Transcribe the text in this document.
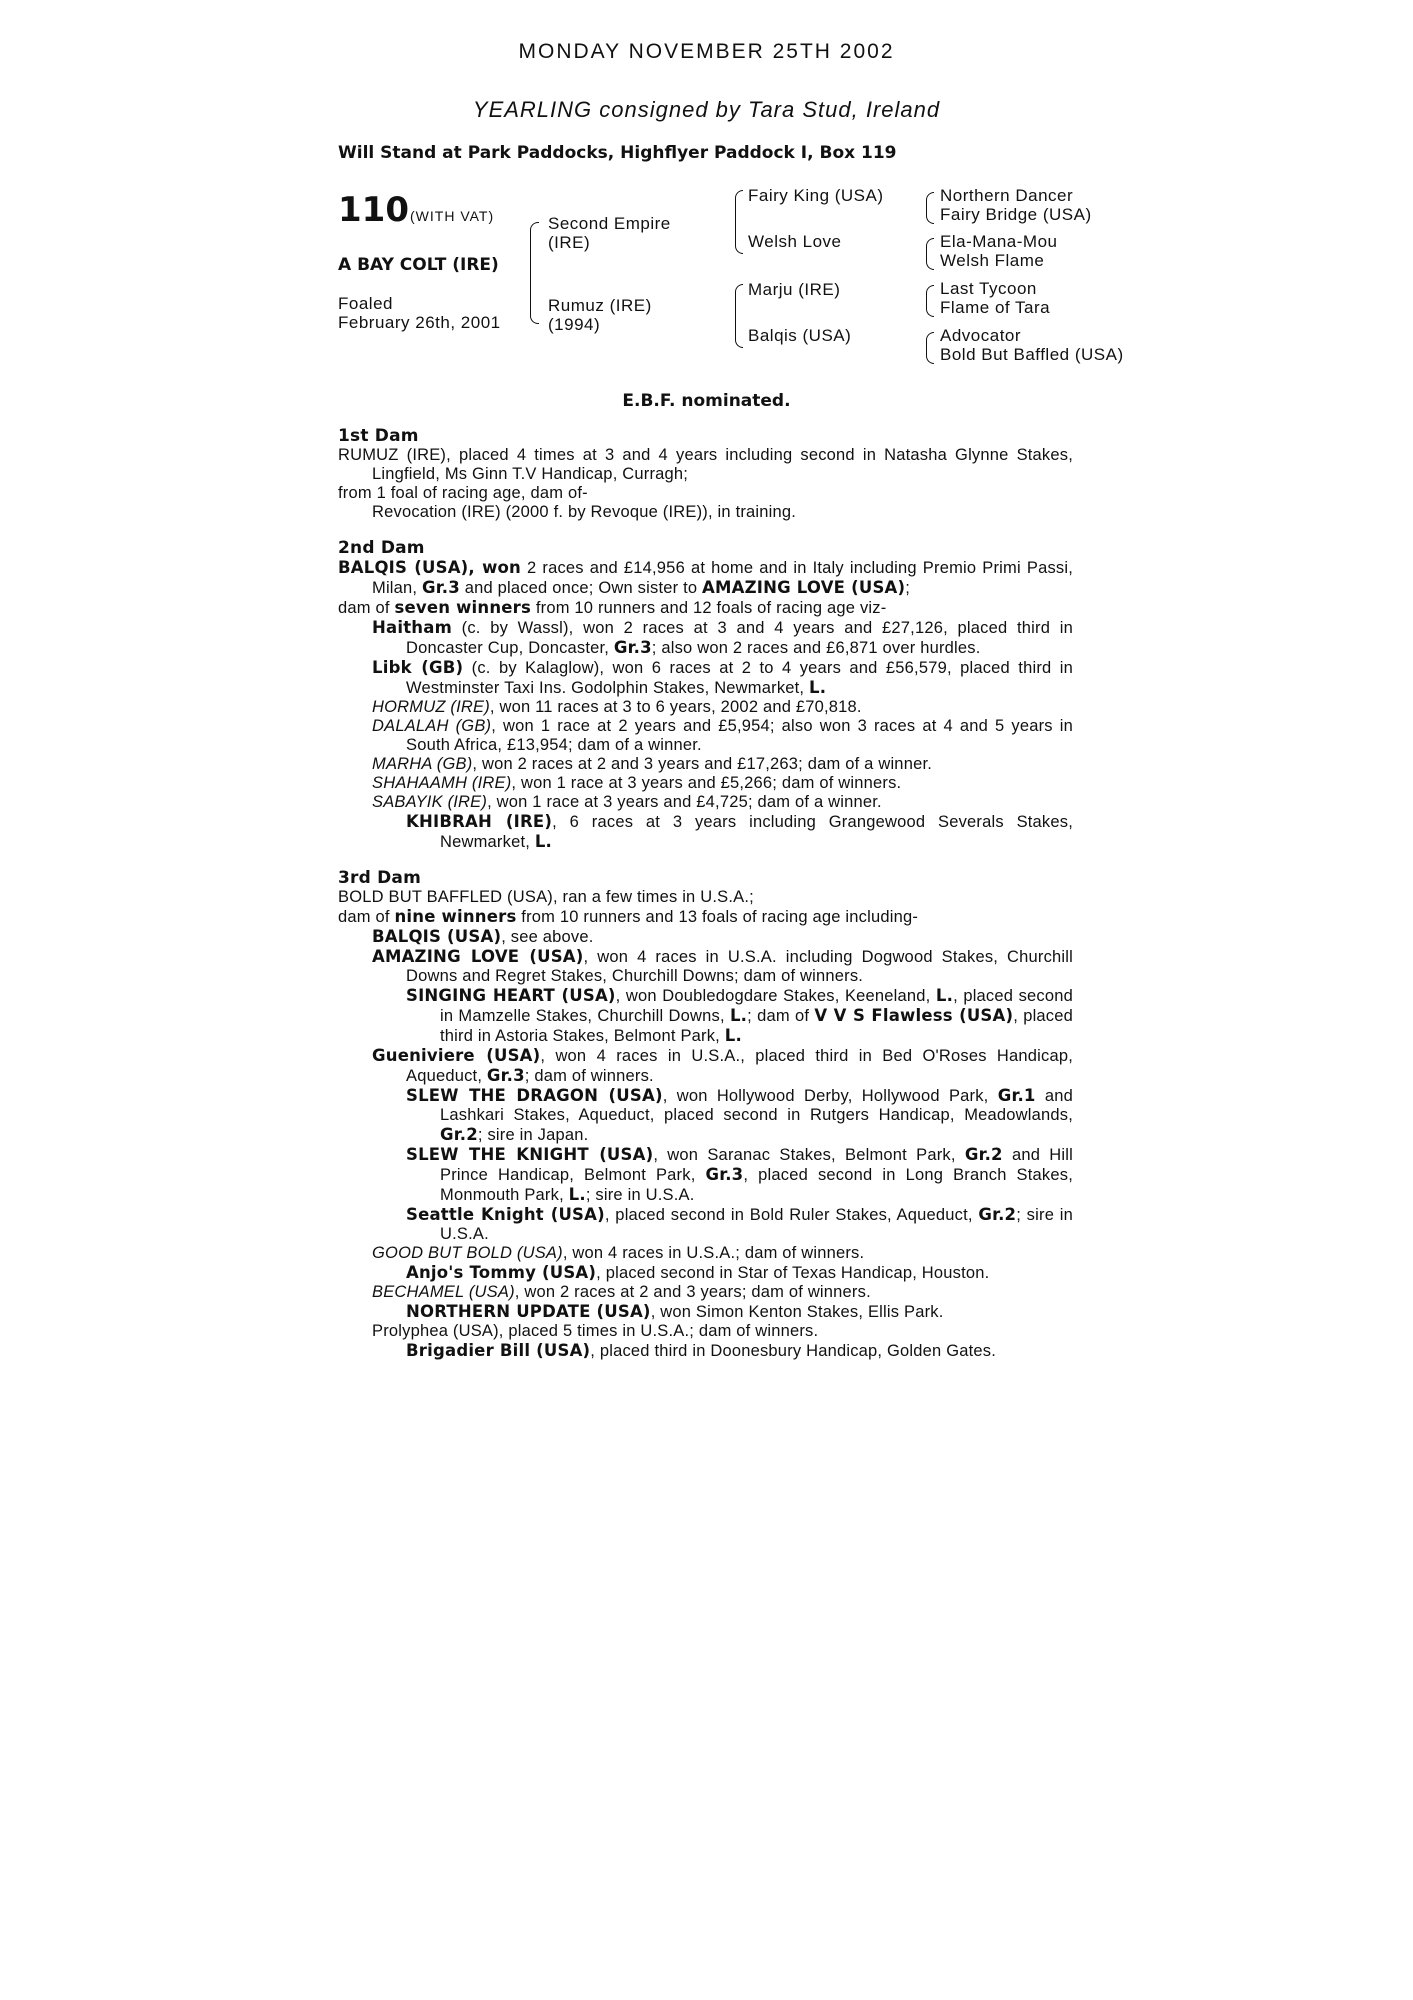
MONDAY NOVEMBER 25TH 2002
YEARLING consigned by Tara Stud, Ireland
Will Stand at Park Paddocks, Highflyer Paddock I, Box 119
110 (WITH VAT)
A BAY COLT (IRE)
Foaled
February 26th, 2001
Second Empire
(IRE)
Rumuz (IRE)
(1994)
Fairy King (USA)
Welsh Love
Marju (IRE)
Balqis (USA)
Northern Dancer
Fairy Bridge (USA)
Ela-Mana-Mou
Welsh Flame
Last Tycoon
Flame of Tara
Advocator
Bold But Baffled (USA)
E.B.F. nominated.
1st Dam

RUMUZ (IRE), placed 4 times at 3 and 4 years including second in Natasha Glynne Stakes, Lingfield, Ms Ginn T.V Handicap, Curragh;

from 1 foal of racing age, dam of-

Revocation (IRE) (2000 f. by Revoque (IRE)), in training.

2nd Dam

BALQIS (USA), won 2 races and £14,956 at home and in Italy including Premio Primi Passi, Milan, Gr.3 and placed once; Own sister to AMAZING LOVE (USA);

dam of seven winners from 10 runners and 12 foals of racing age viz-

Haitham (c. by Wassl), won 2 races at 3 and 4 years and £27,126, placed third in Doncaster Cup, Doncaster, Gr.3; also won 2 races and £6,871 over hurdles.

Libk (GB) (c. by Kalaglow), won 6 races at 2 to 4 years and £56,579, placed third in Westminster Taxi Ins. Godolphin Stakes, Newmarket, L.

HORMUZ (IRE), won 11 races at 3 to 6 years, 2002 and £70,818.

DALALAH (GB), won 1 race at 2 years and £5,954; also won 3 races at 4 and 5 years in South Africa, £13,954; dam of a winner.

MARHA (GB), won 2 races at 2 and 3 years and £17,263; dam of a winner.

SHAHAAMH (IRE), won 1 race at 3 years and £5,266; dam of winners.

SABAYIK (IRE), won 1 race at 3 years and £4,725; dam of a winner.

KHIBRAH (IRE), 6 races at 3 years including Grangewood Severals Stakes, Newmarket, L.

3rd Dam

BOLD BUT BAFFLED (USA), ran a few times in U.S.A.;

dam of nine winners from 10 runners and 13 foals of racing age including-

BALQIS (USA), see above.

AMAZING LOVE (USA), won 4 races in U.S.A. including Dogwood Stakes, Churchill Downs and Regret Stakes, Churchill Downs; dam of winners.

SINGING HEART (USA), won Doubledogdare Stakes, Keeneland, L., placed second in Mamzelle Stakes, Churchill Downs, L.; dam of V V S Flawless (USA), placed third in Astoria Stakes, Belmont Park, L.

Gueniviere (USA), won 4 races in U.S.A., placed third in Bed O'Roses Handicap, Aqueduct, Gr.3; dam of winners.

SLEW THE DRAGON (USA), won Hollywood Derby, Hollywood Park, Gr.1 and Lashkari Stakes, Aqueduct, placed second in Rutgers Handicap, Meadowlands, Gr.2; sire in Japan.

SLEW THE KNIGHT (USA), won Saranac Stakes, Belmont Park, Gr.2 and Hill Prince Handicap, Belmont Park, Gr.3, placed second in Long Branch Stakes, Monmouth Park, L.; sire in U.S.A.

Seattle Knight (USA), placed second in Bold Ruler Stakes, Aqueduct, Gr.2; sire in U.S.A.

GOOD BUT BOLD (USA), won 4 races in U.S.A.; dam of winners.

Anjo's Tommy (USA), placed second in Star of Texas Handicap, Houston.

BECHAMEL (USA), won 2 races at 2 and 3 years; dam of winners.

NORTHERN UPDATE (USA), won Simon Kenton Stakes, Ellis Park.

Prolyphea (USA), placed 5 times in U.S.A.; dam of winners.

Brigadier Bill (USA), placed third in Doonesbury Handicap, Golden Gates.
